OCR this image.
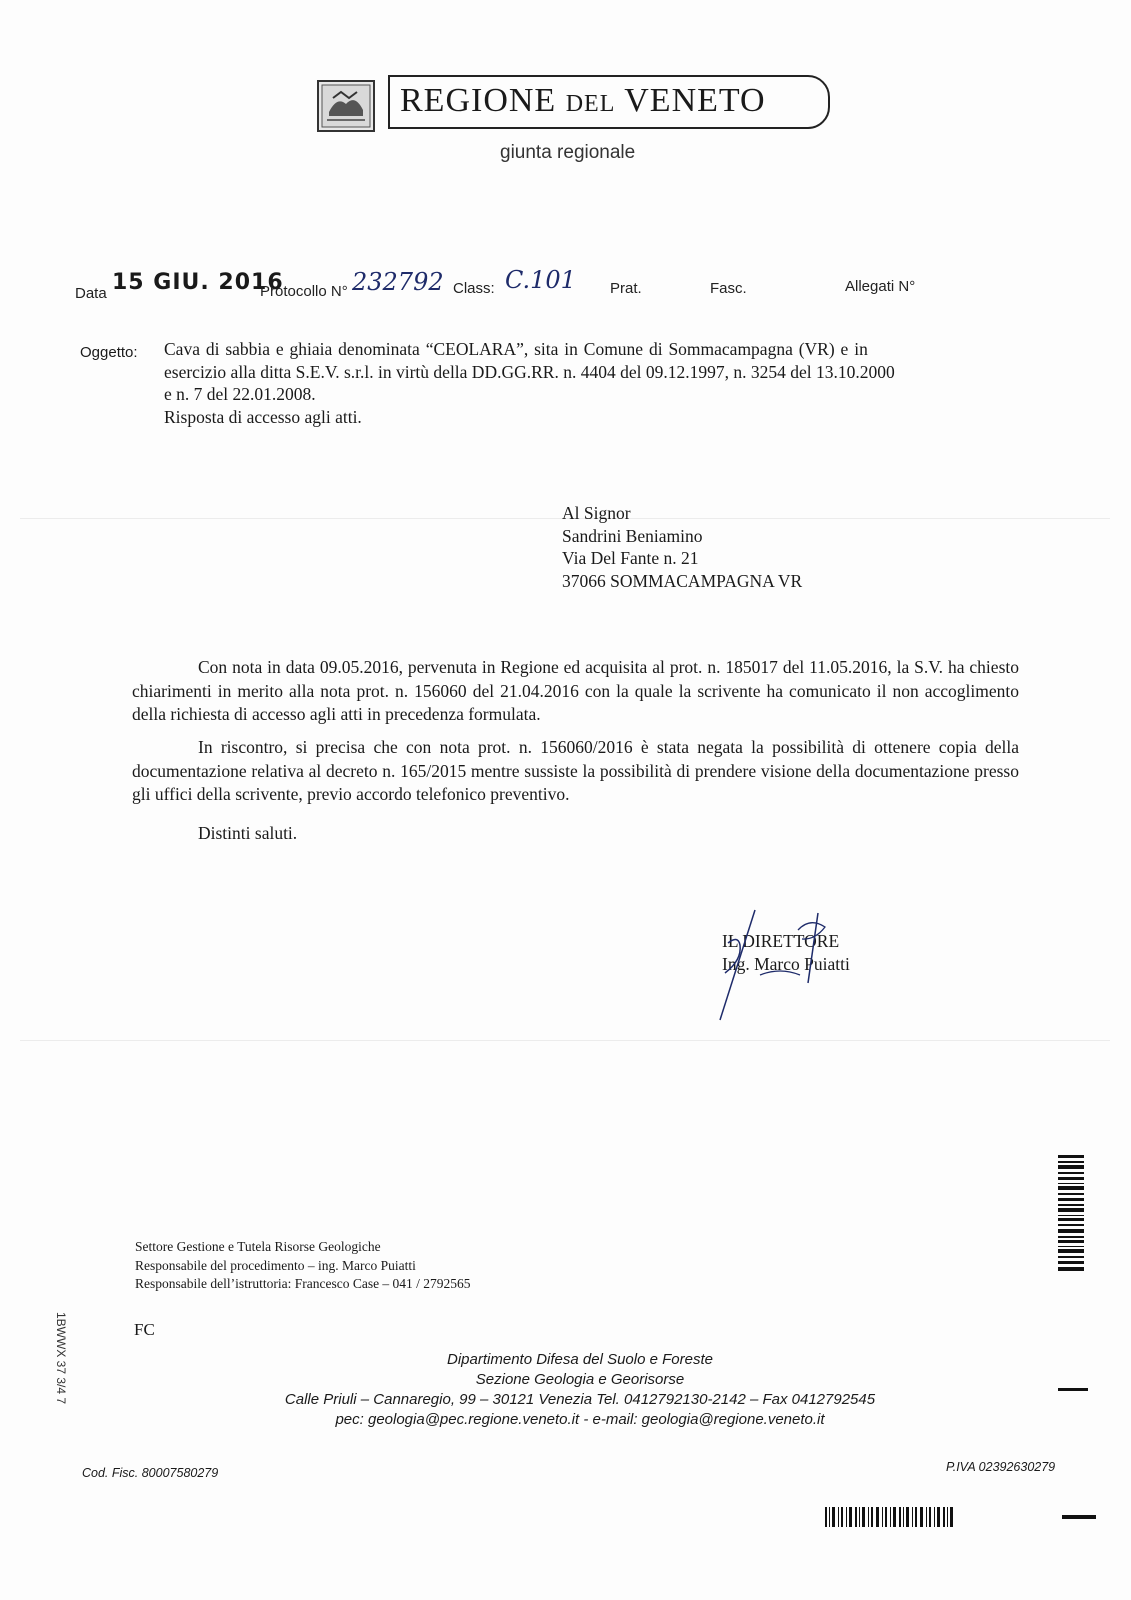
REGIONE DEL VENETO
giunta regionale
Data 15 GIU. 2016
Protocollo N° 232792 Class: C.101 Prat.	Fasc.	Allegati N°
Oggetto: Cava di sabbia e ghiaia denominata “CEOLARA”, sita in Comune di Sommacampagna (VR) e in
esercizio alla ditta S.E.V. s.r.l. in virtù della DD.GG.RR. n. 4404 del 09.12.1997, n. 3254 del 13.10.2000
e n. 7 del 22.01.2008.
Risposta di accesso agli atti.
Al Signor
Sandrini Beniamino
Via Del Fante n. 21
37066 SOMMACAMPAGNA VR
Con nota in data 09.05.2016, pervenuta in Regione ed acquisita al prot. n. 185017 del 11.05.2016, la S.V. ha chiesto chiarimenti in merito alla nota prot. n. 156060 del 21.04.2016 con la quale la scrivente ha comunicato il non accoglimento della richiesta di accesso agli atti in precedenza formulata.
In riscontro, si precisa che con nota prot. n. 156060/2016 è stata negata la possibilità di ottenere copia della documentazione relativa al decreto n. 165/2015 mentre sussiste la possibilità di prendere visione della documentazione presso gli uffici della scrivente, previo accordo telefonico preventivo.
Distinti saluti.
IL DIRETTORE
Ing. Marco Puiatti
Settore Gestione e Tutela Risorse Geologiche
Responsabile del procedimento – ing. Marco Puiatti
Responsabile dell’istruttoria: Francesco Case – 041 / 2792565
FC
1BWWX 37 3/4 7	Dipartimento Difesa del Suolo e Foreste
Sezione Geologia e Georisorse
Calle Priuli – Cannaregio, 99 – 30121 Venezia Tel. 0412792130-2142 – Fax 0412792545
pec: geologia@pec.regione.veneto.it - e-mail: geologia@regione.veneto.it
Cod. Fisc. 80007580279	P.IVA 02392630279
